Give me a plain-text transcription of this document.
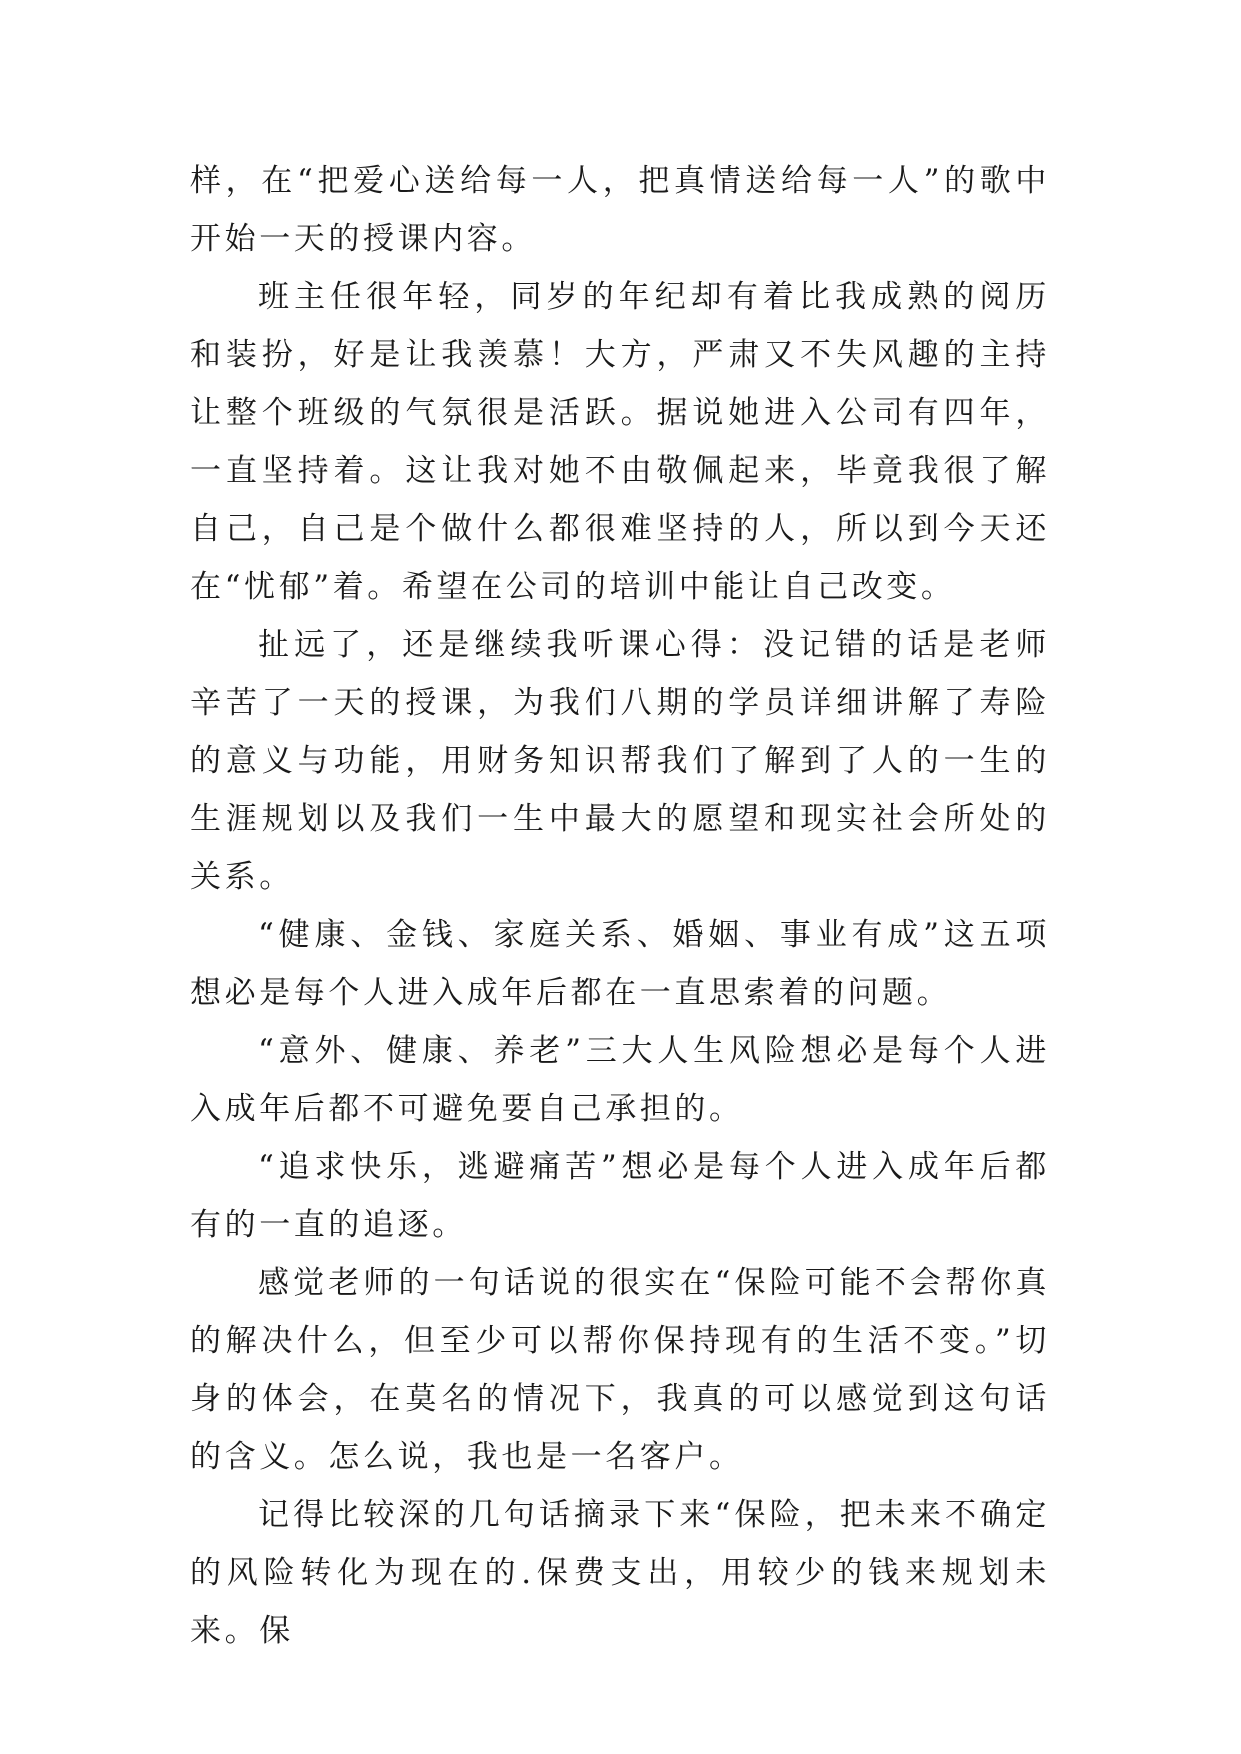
样，在“把爱心送给每一人，把真情送给每一人”的歌中开始一天的授课内容。

班主任很年轻，同岁的年纪却有着比我成熟的阅历和装扮，好是让我羡慕！大方，严肃又不失风趣的主持让整个班级的气氛很是活跃。据说她进入公司有四年，一直坚持着。这让我对她不由敬佩起来，毕竟我很了解自己，自己是个做什么都很难坚持的人，所以到今天还在“忧郁”着。希望在公司的培训中能让自己改变。

扯远了，还是继续我听课心得：没记错的话是老师辛苦了一天的授课，为我们八期的学员详细讲解了寿险的意义与功能，用财务知识帮我们了解到了人的一生的生涯规划以及我们一生中最大的愿望和现实社会所处的关系。

“健康、金钱、家庭关系、婚姻、事业有成”这五项想必是每个人进入成年后都在一直思索着的问题。

“意外、健康、养老”三大人生风险想必是每个人进入成年后都不可避免要自己承担的。

“追求快乐，逃避痛苦”想必是每个人进入成年后都有的一直的追逐。

感觉老师的一句话说的很实在“保险可能不会帮你真的解决什么，但至少可以帮你保持现有的生活不变。”切身的体会，在莫名的情况下，我真的可以感觉到这句话的含义。怎么说，我也是一名客户。

记得比较深的几句话摘录下来“保险，把未来不确定的风险转化为现在的.保费支出，用较少的钱来规划未来。保
